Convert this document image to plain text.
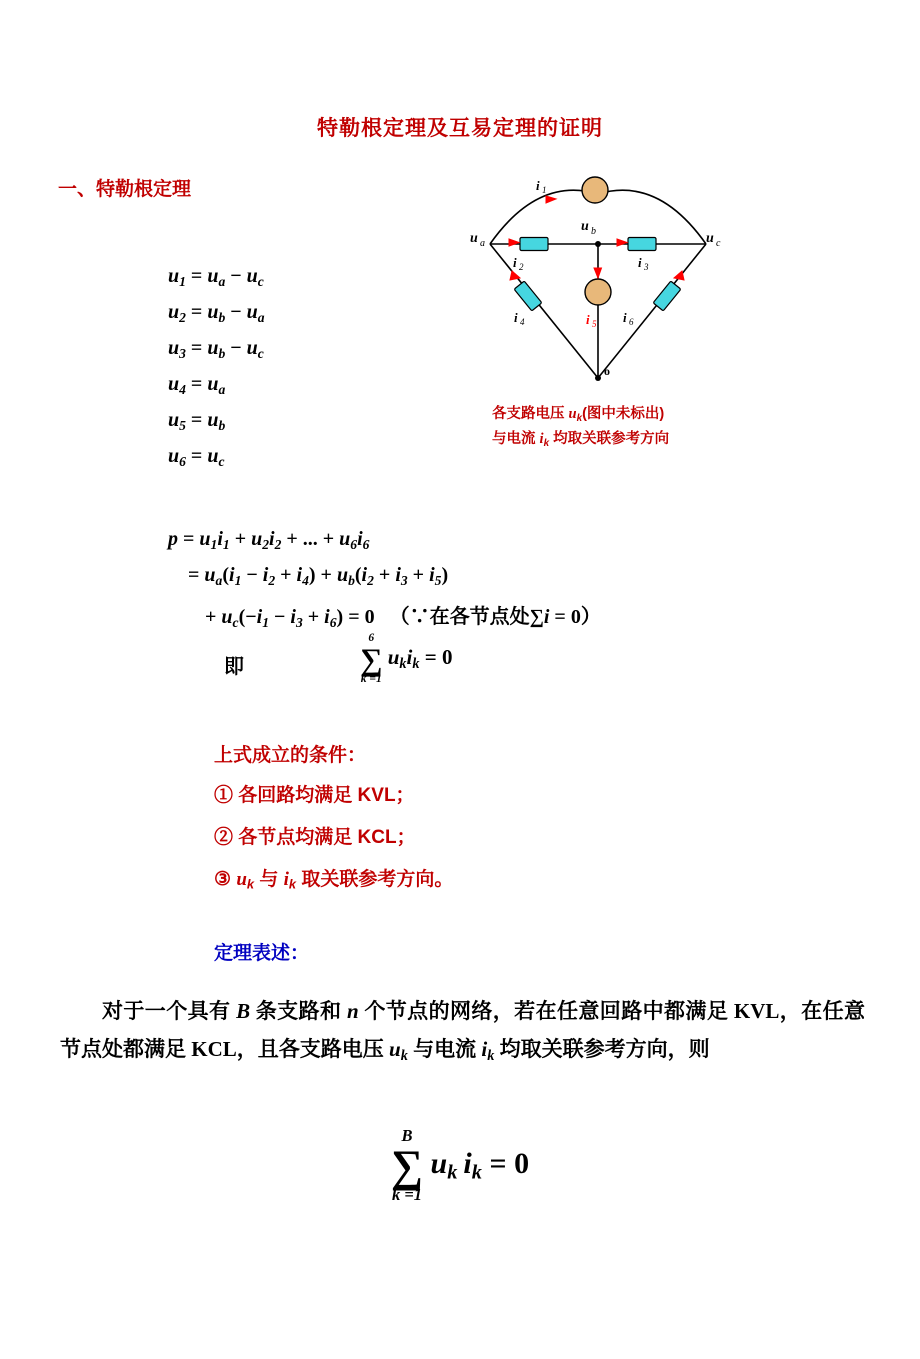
特勒根定理及互易定理的证明
一、特勒根定理
$u_1 = u_a - u_c$
$u_2 = u_b - u_a$
$u_3 = u_b - u_c$
$u_4 = u_a$
$u_5 = u_b$
$u_6 = u_c$
$p = u_1i_1 + u_2i_2$ + ... + $u_6i_6$
= $u_a(i_1 - i_2 + i_4) + u_b(i_2 + i_3 + i_5)$
+ $u_c(-i_1 - i_3 + i_6) = 0$   （∵在各节点处∑i = 0）
即
6
∑
k =1
$u_ki_k = 0$
上式成立的条件：
① 各回路均满足 KVL；
② 各节点均满足 KCL；
③ $u_k$ 与 $i_k$ 取关联参考方向。
定理表述：
对于一个具有 B 条支路和 n 个节点的网络，若在任意回路中都满足 KVL，在任意节点处都满足 KCL，且各支路电压 $u_k$ 与电流 $i_k$ 均取关联参考方向，则
B
∑
k =1
$u_k$  $i_k = 0$
i 1
u a	u c
u b
i 2	i 3
i 4	i 5 i 6
o
各支路电压 $u_k$(图中未标出)
与电流 $i_k$ 均取关联参考方向
